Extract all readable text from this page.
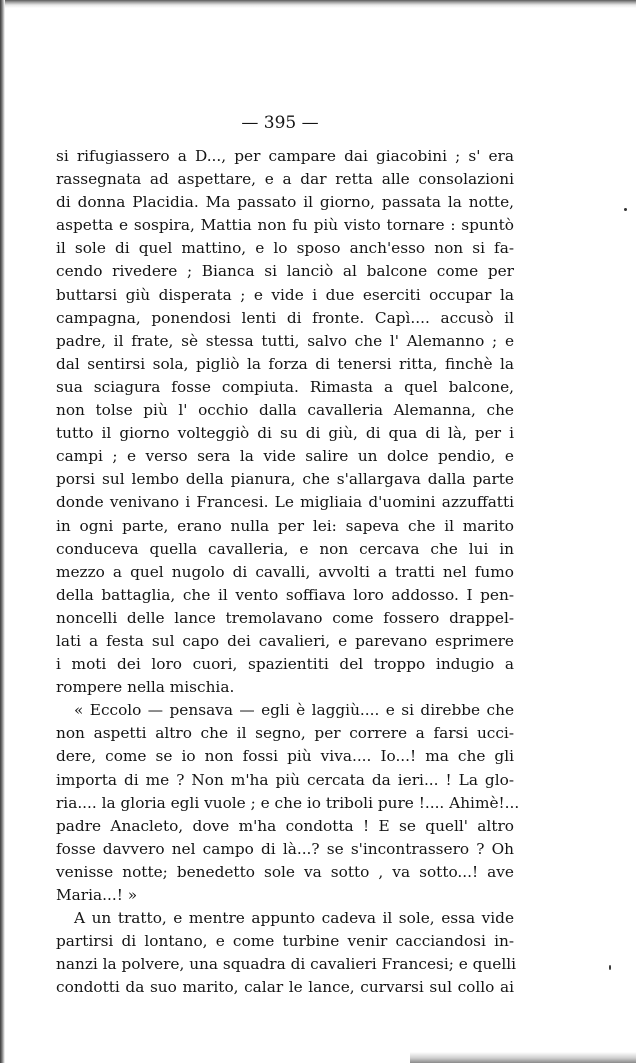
— 395 —
si rifugiassero a D..., per campare dai giacobini ; s' era
rassegnata ad aspettare, e a dar retta alle consolazioni
di donna Placidia. Ma passato il giorno, passata la notte,
aspetta e sospira, Mattia non fu più visto tornare : spuntò
il sole di quel mattino, e lo sposo anch'esso non si fa-
cendo rivedere ; Bianca si lanciò al balcone come per
buttarsi giù disperata ; e vide i due eserciti occupar la
campagna, ponendosi lenti di fronte. Capì.... accusò il
padre, il frate, sè stessa tutti, salvo che l' Alemanno ; e
dal sentirsi sola, pigliò la forza di tenersi ritta, finchè la
sua sciagura fosse compiuta. Rimasta a quel balcone,
non tolse più l' occhio dalla cavalleria Alemanna, che
tutto il giorno volteggiò di su di giù, di qua di là, per i
campi ; e verso sera la vide salire un dolce pendio, e
porsi sul lembo della pianura, che s'allargava dalla parte
donde venivano i Francesi. Le migliaia d'uomini azzuffatti
in ogni parte, erano nulla per lei: sapeva che il marito
conduceva quella cavalleria, e non cercava che lui in
mezzo a quel nugolo di cavalli, avvolti a tratti nel fumo
della battaglia, che il vento soffiava loro addosso. I pen-
noncelli delle lance tremolavano come fossero drappel-
lati a festa sul capo dei cavalieri, e parevano esprimere
i moti dei loro cuori, spazientiti del troppo indugio a
rompere nella mischia.
« Eccolo — pensava — egli è laggiù.... e si direbbe che
non aspetti altro che il segno, per correre a farsi ucci-
dere, come se io non fossi più viva.... Io...! ma che gli
importa di me ? Non m'ha più cercata da ieri... ! La glo-
ria.... la gloria egli vuole ; e che io triboli pure !.... Ahimè!...
padre Anacleto, dove m'ha condotta ! E se quell' altro
fosse davvero nel campo di là...? se s'incontrassero ? Oh
venisse notte; benedetto sole va sotto , va sotto...! ave
Maria...! »
A un tratto, e mentre appunto cadeva il sole, essa vide
partirsi di lontano, e come turbine venir cacciandosi in-
nanzi la polvere, una squadra di cavalieri Francesi; e quelli
condotti da suo marito, calar le lance, curvarsi sul collo ai
